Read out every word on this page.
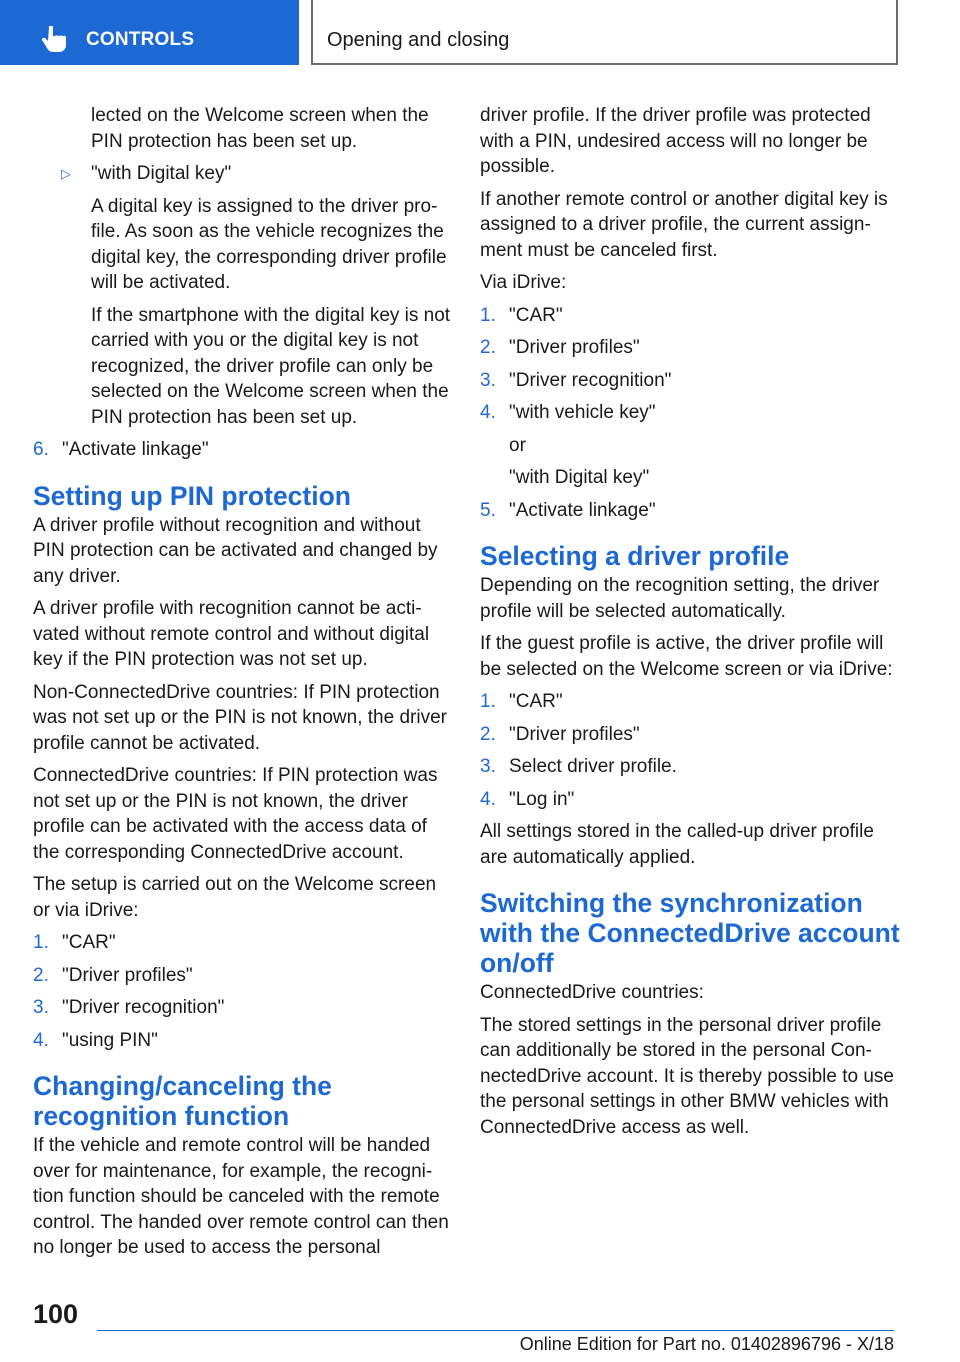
CONTROLS	Opening and closing

lected on the Welcome screen when the PIN protection has been set up.

▷ "with Digital key"

A digital key is assigned to the driver profile. As soon as the vehicle recognizes the digital key, the corresponding driver profile will be activated.

If the smartphone with the digital key is not carried with you or the digital key is not recognized, the driver profile can only be selected on the Welcome screen when the PIN protection has been set up.

6. "Activate linkage"
Setting up PIN protection

A driver profile without recognition and without PIN protection can be activated and changed by any driver.

A driver profile with recognition cannot be activated without remote control and without digital key if the PIN protection was not set up.

Non-ConnectedDrive countries: If PIN protection was not set up or the PIN is not known, the driver profile cannot be activated.

ConnectedDrive countries: If PIN protection was not set up or the PIN is not known, the driver profile can be activated with the access data of the corresponding ConnectedDrive account.

The setup is carried out on the Welcome screen or via iDrive:

1. "CAR"
2. "Driver profiles"
3. "Driver recognition"
4. "using PIN"
Changing/canceling the recognition function

If the vehicle and remote control will be handed over for maintenance, for example, the recognition function should be canceled with the remote control. The handed over remote control can then no longer be used to access the personal

driver profile. If the driver profile was protected with a PIN, undesired access will no longer be possible.

If another remote control or another digital key is assigned to a driver profile, the current assignment must be canceled first.

Via iDrive:

1. "CAR"
2. "Driver profiles"
3. "Driver recognition"
4. "with vehicle key"

or

"with Digital key"

5. "Activate linkage"
Selecting a driver profile

Depending on the recognition setting, the driver profile will be selected automatically.

If the guest profile is active, the driver profile will be selected on the Welcome screen or via iDrive:

1. "CAR"
2. "Driver profiles"
3. Select driver profile.
4. "Log in"

All settings stored in the called-up driver profile are automatically applied.

Switching the synchronization with the ConnectedDrive account on/off

ConnectedDrive countries:

The stored settings in the personal driver profile can additionally be stored in the personal ConnectedDrive account. It is thereby possible to use the personal settings in other BMW vehicles with ConnectedDrive access as well.

100
Online Edition for Part no. 01402896796 - X/18
